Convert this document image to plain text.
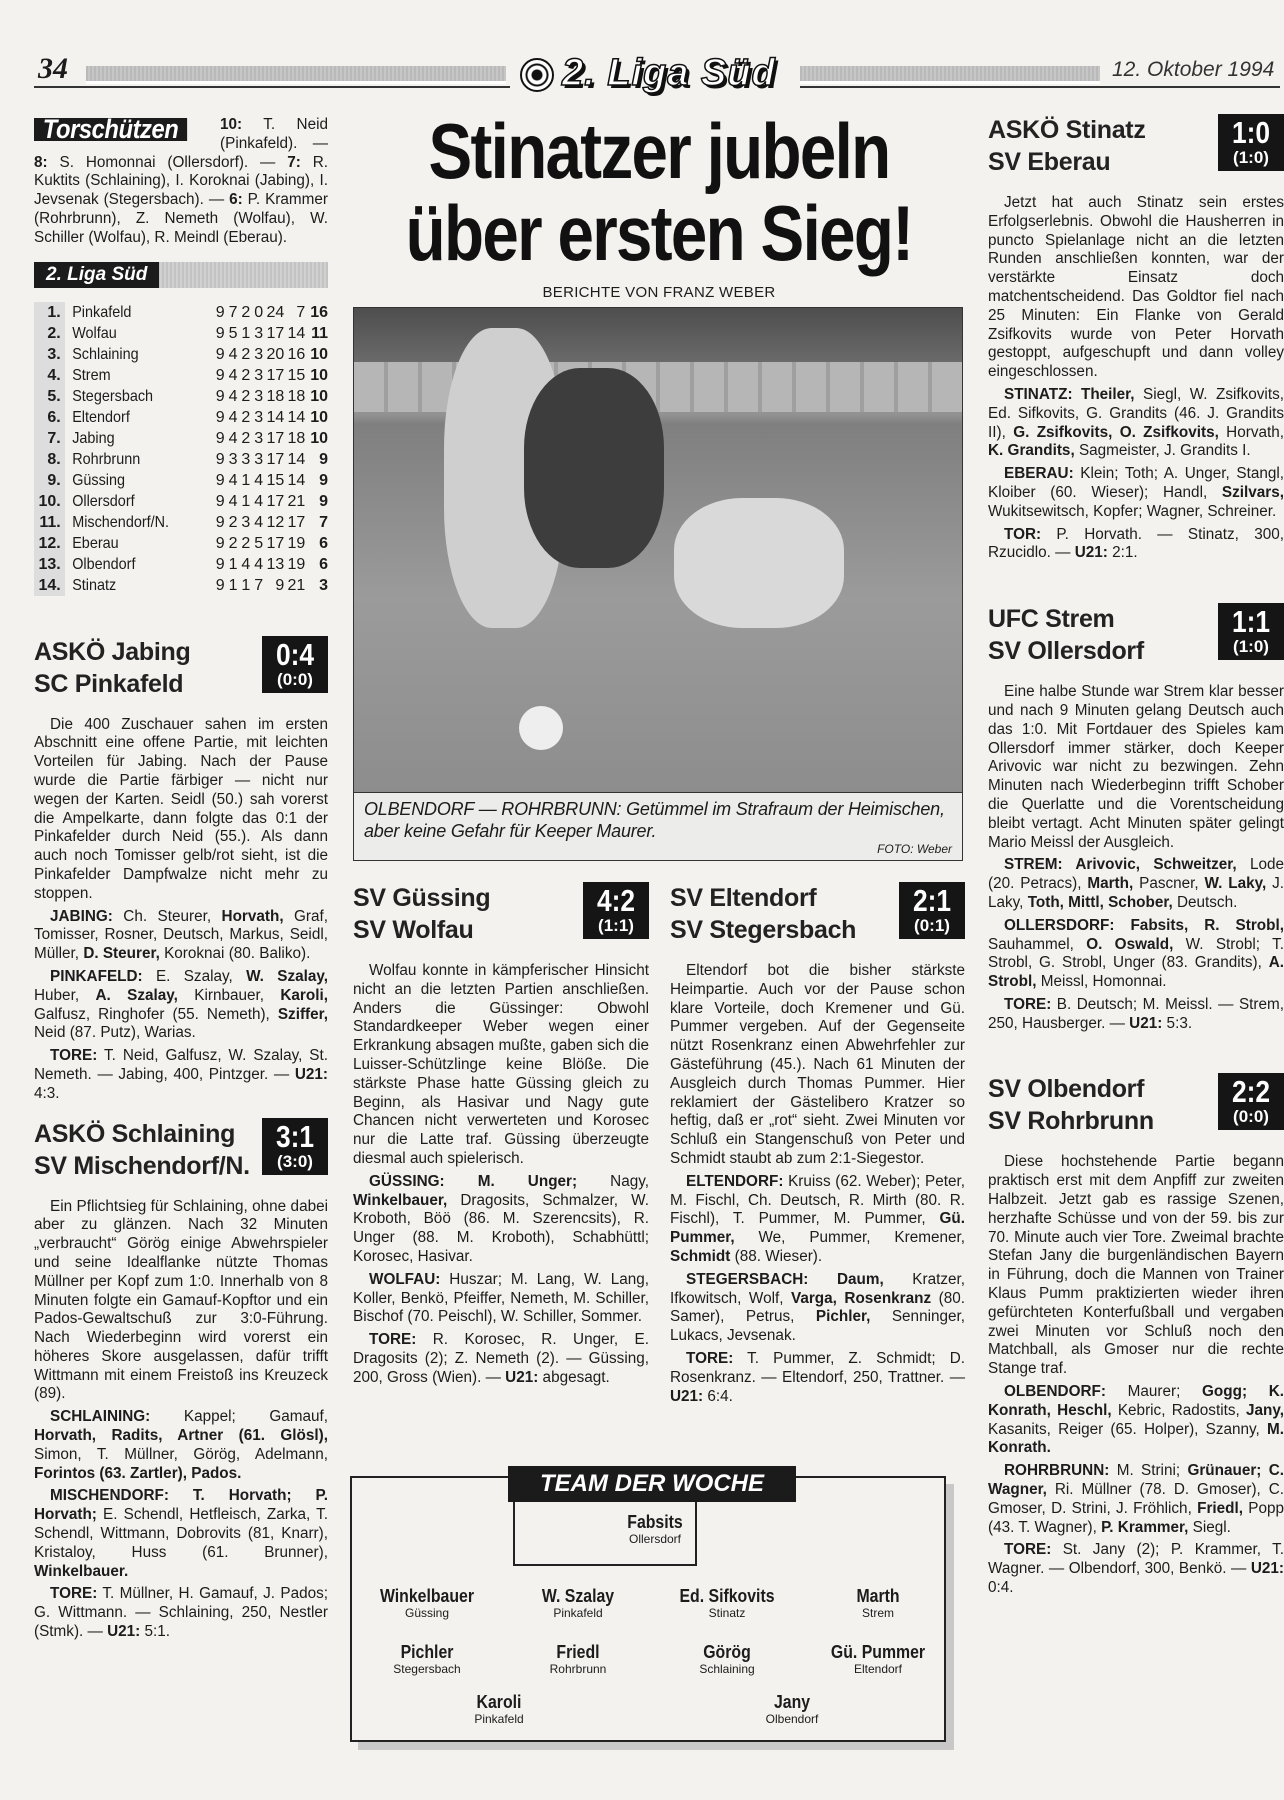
34	2. Liga Süd	12. Oktober 1994
Torschützen	10: T. Neid (Pinkafeld). — 8: S. Homonnai (Ollersdorf). — 7: R. Kuktits (Schlaining), I. Koroknai (Jabing), I. Jevsenak (Stegersbach). — 6: P. Krammer (Rohrbrunn), Z. Nemeth (Wolfau), W. Schiller (Wolfau), R. Meindl (Eberau).

2. Liga Süd
1.	Pinkafeld	9	7	2	0	24	7	16
2.	Wolfau	9	5	1	3	17	14	11
3.	Schlaining	9	4	2	3	20	16	10
4.	Strem	9	4	2	3	17	15	10
5.	Stegersbach	9	4	2	3	18	18	10
6.	Eltendorf	9	4	2	3	14	14	10
7.	Jabing	9	4	2	3	17	18	10
8.	Rohrbrunn	9	3	3	3	17	14	9
9.	Güssing	9	4	1	4	15	14	9
10.	Ollersdorf	9	4	1	4	17	21	9
11.	Mischendorf/N.	9	2	3	4	12	17	7
12.	Eberau	9	2	2	5	17	19	6
13.	Olbendorf	9	1	4	4	13	19	6
14.	Stinatz	9	1	1	7	9	21	3
ASKÖ Jabing
SC Pinkafeld
0:4
(0:0)

Die 400 Zuschauer sahen im ersten Abschnitt eine offene Partie, mit leichten Vorteilen für Jabing. Nach der Pause wurde die Partie färbiger — nicht nur wegen der Karten. Seidl (50.) sah vorerst die Ampelkarte, dann folgte das 0:1 der Pinkafelder durch Neid (55.). Als dann auch noch Tomisser gelb/rot sieht, ist die Pinkafelder Dampfwalze nicht mehr zu stoppen.

JABING: Ch. Steurer, Horvath, Graf, Tomisser, Rosner, Deutsch, Markus, Seidl, Müller, D. Steurer, Koroknai (80. Baliko).

PINKAFELD: E. Szalay, W. Szalay, Huber, A. Szalay, Kirnbauer, Karoli, Galfusz, Ringhofer (55. Nemeth), Sziffer, Neid (87. Putz), Warias.

TORE: T. Neid, Galfusz, W. Szalay, St. Nemeth. — Jabing, 400, Pintzger. — U21: 4:3.

ASKÖ Schlaining
SV Mischendorf/N.
3:1
(3:0)

Ein Pflichtsieg für Schlaining, ohne dabei aber zu glänzen. Nach 32 Minuten „verbraucht“ Görög einige Abwehrspieler und seine Idealflanke nützte Thomas Müllner per Kopf zum 1:0. Innerhalb von 8 Minuten folgte ein Gamauf-Kopftor und ein Pados-Gewaltschuß zur 3:0-Führung. Nach Wiederbeginn wird vorerst ein höheres Skore ausgelassen, dafür trifft Wittmann mit einem Freistoß ins Kreuzeck (89).

SCHLAINING: Kappel; Gamauf, Horvath, Radits, Artner (61. Glösl), Simon, T. Müllner, Görög, Adelmann, Forintos (63. Zartler), Pados.

MISCHENDORF: T. Horvath; P. Horvath; E. Schendl, Hetfleisch, Zarka, T. Schendl, Wittmann, Dobrovits (81, Knarr), Kristaloy, Huss (61. Brunner), Winkelbauer.

TORE: T. Müllner, H. Gamauf, J. Pados; G. Wittmann. — Schlaining, 250, Nestler (Stmk). — U21: 5:1.

Stinatzer jubeln
über ersten Sieg!
BERICHTE VON FRANZ WEBER
OLBENDORF — ROHRBRUNN: Getümmel im Strafraum der Heimischen, aber keine Gefahr für Keeper Maurer.
FOTO: Weber
SV Güssing
SV Wolfau
4:2
(1:1)

Wolfau konnte in kämpferischer Hinsicht nicht an die letzten Partien anschließen. Anders die Güssinger: Obwohl Standardkeeper Weber wegen einer Erkrankung absagen mußte, gaben sich die Luisser-Schützlinge keine Blöße. Die stärkste Phase hatte Güssing gleich zu Beginn, als Hasivar und Nagy gute Chancen nicht verwerteten und Korosec nur die Latte traf. Güssing überzeugte diesmal auch spielerisch.

GÜSSING: M. Unger; Nagy, Winkelbauer, Dragosits, Schmalzer, W. Kroboth, Böö (86. M. Szerencsits), R. Unger (88. M. Kroboth), Schabhüttl; Korosec, Hasivar.

WOLFAU: Huszar; M. Lang, W. Lang, Koller, Benkö, Pfeiffer, Nemeth, M. Schiller, Bischof (70. Peischl), W. Schiller, Sommer.

TORE: R. Korosec, R. Unger, E. Dragosits (2); Z. Nemeth (2). — Güssing, 200, Gross (Wien). — U21: abgesagt.

SV Eltendorf
SV Stegersbach
2:1
(0:1)

Eltendorf bot die bisher stärkste Heimpartie. Auch vor der Pause schon klare Vorteile, doch Kremener und Gü. Pummer vergeben. Auf der Gegenseite nützt Rosenkranz einen Abwehrfehler zur Gästeführung (45.). Nach 61 Minuten der Ausgleich durch Thomas Pummer. Hier reklamiert der Gästelibero Kratzer so heftig, daß er „rot“ sieht. Zwei Minuten vor Schluß ein Stangenschuß von Peter und Schmidt staubt ab zum 2:1-Siegestor.

ELTENDORF: Kruiss (62. Weber); Peter, M. Fischl, Ch. Deutsch, R. Mirth (80. R. Fischl), T. Pummer, M. Pummer, Gü. Pummer, We, Pummer, Kremener, Schmidt (88. Wieser).

STEGERSBACH: Daum, Kratzer, Ifkowitsch, Wolf, Varga, Rosenkranz (80. Samer), Petrus, Pichler, Senninger, Lukacs, Jevsenak.

TORE: T. Pummer, Z. Schmidt; D. Rosenkranz. — Eltendorf, 250, Trattner. — U21: 6:4.

TEAM DER WOCHE
Fabsits
Ollersdorf
Winkelbauer
Güssing
W. Szalay
Pinkafeld
Ed. Sifkovits
Stinatz
Marth
Strem
Pichler
Stegersbach
Friedl
Rohrbrunn
Görög
Schlaining
Gü. Pummer
Eltendorf
Karoli
Pinkafeld
Jany
Olbendorf
ASKÖ Stinatz
SV Eberau
1:0
(1:0)

Jetzt hat auch Stinatz sein erstes Erfolgserlebnis. Obwohl die Hausherren in puncto Spielanlage nicht an die letzten Runden anschließen konnten, war der verstärkte Einsatz doch matchentscheidend. Das Goldtor fiel nach 25 Minuten: Ein Flanke von Gerald Zsifkovits wurde von Peter Horvath gestoppt, aufgeschupft und dann volley eingeschlossen.

STINATZ: Theiler, Siegl, W. Zsifkovits, Ed. Sifkovits, G. Grandits (46. J. Grandits II), G. Zsifkovits, O. Zsifkovits, Horvath, K. Grandits, Sagmeister, J. Grandits I.

EBERAU: Klein; Toth; A. Unger, Stangl, Kloiber (60. Wieser); Handl, Szilvars, Wukitsewitsch, Kopfer; Wagner, Schreiner.

TOR: P. Horvath. — Stinatz, 300, Rzucidlo. — U21: 2:1.

UFC Strem
SV Ollersdorf
1:1
(1:0)

Eine halbe Stunde war Strem klar besser und nach 9 Minuten gelang Deutsch auch das 1:0. Mit Fortdauer des Spieles kam Ollersdorf immer stärker, doch Keeper Arivovic war nicht zu bezwingen. Zehn Minuten nach Wiederbeginn trifft Schober die Querlatte und die Vorentscheidung bleibt vertagt. Acht Minuten später gelingt Mario Meissl der Ausgleich.

STREM: Arivovic, Schweitzer, Lode (20. Petracs), Marth, Pascner, W. Laky, J. Laky, Toth, Mittl, Schober, Deutsch.

OLLERSDORF: Fabsits, R. Strobl, Sauhammel, O. Oswald, W. Strobl; T. Strobl, G. Strobl, Unger (83. Grandits), A. Strobl, Meissl, Homonnai.

TORE: B. Deutsch; M. Meissl. — Strem, 250, Hausberger. — U21: 5:3.

SV Olbendorf
SV Rohrbrunn
2:2
(0:0)

Diese hochstehende Partie begann praktisch erst mit dem Anpfiff zur zweiten Halbzeit. Jetzt gab es rassige Szenen, herzhafte Schüsse und von der 59. bis zur 70. Minute auch vier Tore. Zweimal brachte Stefan Jany die burgenländischen Bayern in Führung, doch die Mannen von Trainer Klaus Pumm praktizierten wieder ihren gefürchteten Konterfußball und vergaben zwei Minuten vor Schluß noch den Matchball, als Gmoser nur die rechte Stange traf.

OLBENDORF: Maurer; Gogg; K. Konrath, Heschl, Kebric, Radostits, Jany, Kasanits, Reiger (65. Holper), Szanny, M. Konrath.

ROHRBRUNN: M. Strini; Grünauer; C. Wagner, Ri. Müllner (78. D. Gmoser), C. Gmoser, D. Strini, J. Fröhlich, Friedl, Popp (43. T. Wagner), P. Krammer, Siegl.

TORE: St. Jany (2); P. Krammer, T. Wagner. — Olbendorf, 300, Benkö. — U21: 0:4.
